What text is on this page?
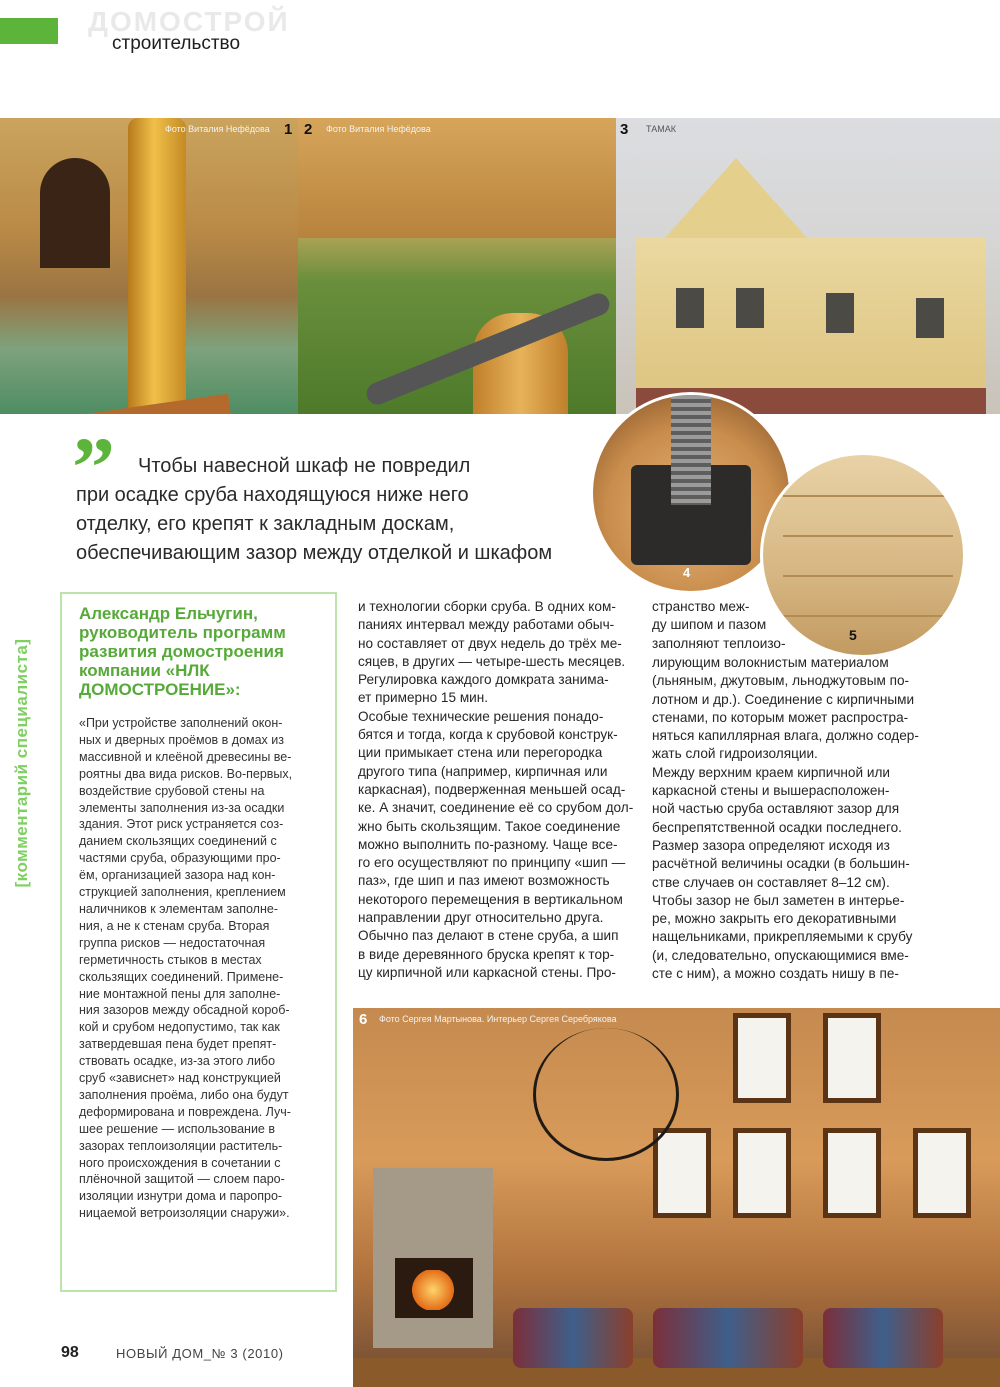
ДОМОСТРОЙ
строительство
Фото Виталия Нефёдова 1 2 Фото Виталия Нефёдова	3 ТАМАК
4
5
6 Фото Сергея Мартынова. Интерьер Сергея Серебрякова
”	Чтобы навесной шкаф не повредил
при осадке сруба находящуюся ниже него
отделку, его крепят к закладным доскам,
обеспечивающим зазор между отделкой и шкафом
[комментарий специалиста]
Александр Ельчугин,
руководитель программ
развития домостроения
компании «НЛК
ДОМОСТРОЕНИЕ»:
«При устройстве заполнений окон-
ных и дверных проёмов в домах из
массивной и клеёной древесины ве-
роятны два вида рисков. Во-первых,
воздействие срубовой стены на
элементы заполнения из-за осадки
здания. Этот риск устраняется соз-
данием скользящих соединений с
частями сруба, образующими про-
ём, организацией зазора над кон-
струкцией заполнения, креплением
наличников к элементам заполне-
ния, а не к стенам сруба. Вторая
группа рисков — недостаточная
герметичность стыков в местах
скользящих соединений. Примене-
ние монтажной пены для заполне-
ния зазоров между обсадной короб-
кой и срубом недопустимо, так как
затвердевшая пена будет препят-
ствовать осадке, из-за этого либо
сруб «зависнет» над конструкцией
заполнения проёма, либо она будут
деформирована и повреждена. Луч-
шее решение — использование в
зазорах теплоизоляции раститель-
ного происхождения в сочетании с
плёночной защитой — слоем паро-
изоляции изнутри дома и паропро-
ницаемой ветроизоляции снаружи».
и технологии сборки сруба. В одних ком-
паниях интервал между работами обыч-
но составляет от двух недель до трёх ме-
сяцев, в других — четыре-шесть месяцев.
Регулировка каждого домкрата занима-
ет примерно 15 мин.
Особые технические решения понадо-
бятся и тогда, когда к срубовой конструк-
ции примыкает стена или перегородка
другого типа (например, кирпичная или
каркасная), подверженная меньшей осад-
ке. А значит, соединение её со срубом дол-
жно быть скользящим. Такое соединение
можно выполнить по-разному. Чаще все-
го его осуществляют по принципу «шип —
паз», где шип и паз имеют возможность
некоторого перемещения в вертикальном
направлении друг относительно друга.
Обычно паз делают в стене сруба, а шип
в виде деревянного бруска крепят к тор-
цу кирпичной или каркасной стены. Про-
странство меж-
ду шипом и пазом
заполняют теплоизо-
лирующим волокнистым материалом
(льняным, джутовым, льноджутовым по-
лотном и др.). Соединение с кирпичными
стенами, по которым может распростра-
няться капиллярная влага, должно содер-
жать слой гидроизоляции.
Между верхним краем кирпичной или
каркасной стены и вышерасположен-
ной частью сруба оставляют зазор для
беспрепятственной осадки последнего.
Размер зазора определяют исходя из
расчётной величины осадки (в большин-
стве случаев он составляет 8–12 см).
Чтобы зазор не был заметен в интерье-
ре, можно закрыть его декоративными
нащельниками, прикрепляемыми к срубу
(и, следовательно, опускающимися вме-
сте с ним), а можно создать нишу в пе-
98	НОВЫЙ ДОМ_№ 3 (2010)
